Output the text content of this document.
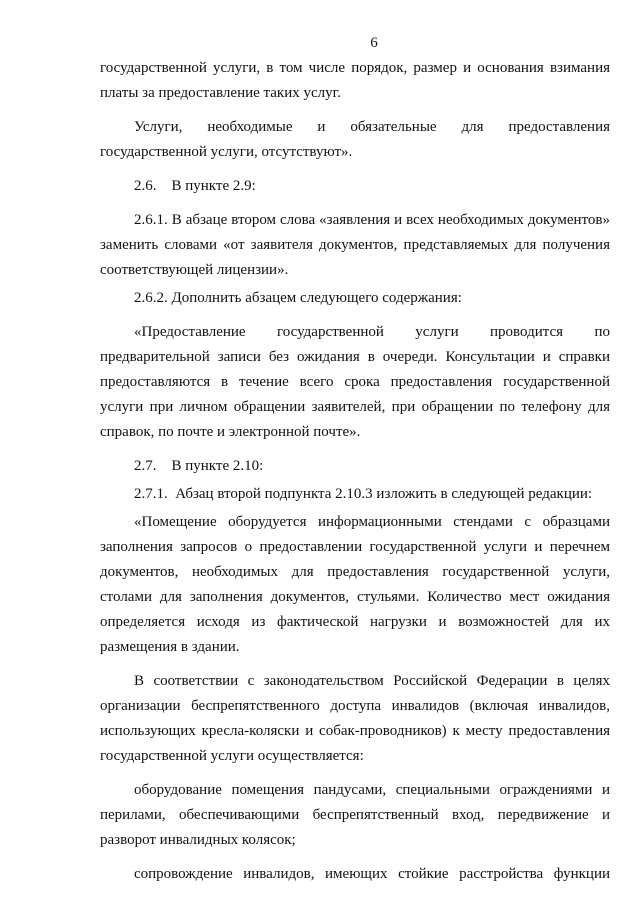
6

государственной услуги, в том числе порядок, размер и основания взимания платы за предоставление таких услуг.

Услуги, необходимые и обязательные для предоставления государственной услуги, отсутствуют».

2.6.    В пункте 2.9:

2.6.1. В абзаце втором слова «заявления и всех необходимых документов» заменить словами «от заявителя документов, представляемых для получения соответствующей лицензии».

2.6.2. Дополнить абзацем следующего содержания:

«Предоставление государственной услуги проводится по предварительной записи без ожидания в очереди. Консультации и справки предоставляются в течение всего срока предоставления государственной услуги при личном обращении заявителей, при обращении по телефону для справок, по почте и электронной почте».

2.7.    В пункте 2.10:

2.7.1.  Абзац второй подпункта 2.10.3 изложить в следующей редакции:

«Помещение оборудуется информационными стендами с образцами заполнения запросов о предоставлении государственной услуги и перечнем документов, необходимых для предоставления государственной услуги, столами для заполнения документов, стульями. Количество мест ожидания определяется исходя из фактической нагрузки и возможностей для их размещения в здании.

В соответствии с законодательством Российской Федерации в целях организации беспрепятственного доступа инвалидов (включая инвалидов, использующих кресла-коляски и собак-проводников) к месту предоставления государственной услуги осуществляется:

оборудование помещения пандусами, специальными ограждениями и перилами, обеспечивающими беспрепятственный вход, передвижение и разворот инвалидных колясок;

сопровождение инвалидов, имеющих стойкие расстройства функции
